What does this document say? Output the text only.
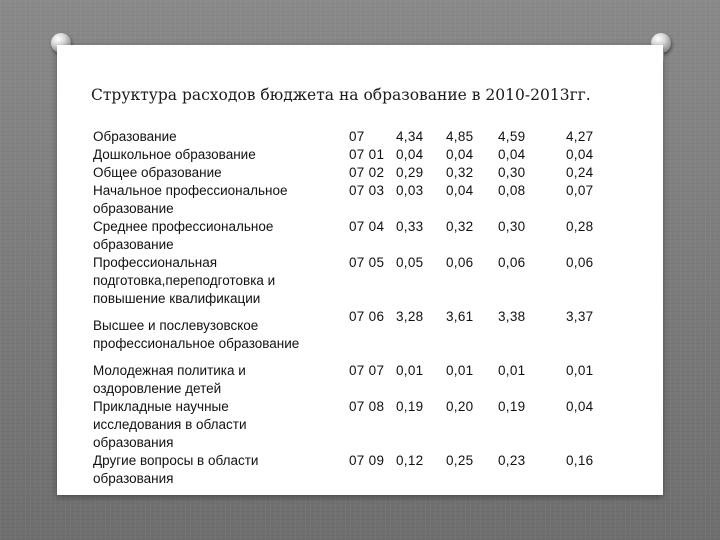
Структура расходов бюджета на образование в 2010-2013гг.
Образование	07 4,34 4,85 4,59	4,27
Дошкольное образование	07 01 0,04 0,04 0,04	0,04
Общее образование	07 02 0,29 0,32 0,30	0,24
Начальное профессиональное
образование
07 03 0,03 0,04 0,08	0,07
Среднее профессиональное
образование
07 04 0,33 0,32 0,30	0,28
Профессиональная
подготовка,переподготовка и
повышение квалификации
07 05 0,05 0,06 0,06	0,06
Высшее и послевузовское
профессиональное образование
07 06 3,28 3,61 3,38	3,37
Молодежная политика и
оздоровление детей
07 07 0,01 0,01 0,01	0,01
Прикладные научные
исследования в области
образования
07 08 0,19 0,20 0,19	0,04
Другие вопросы в области
образования
07 09 0,12 0,25 0,23	0,16
